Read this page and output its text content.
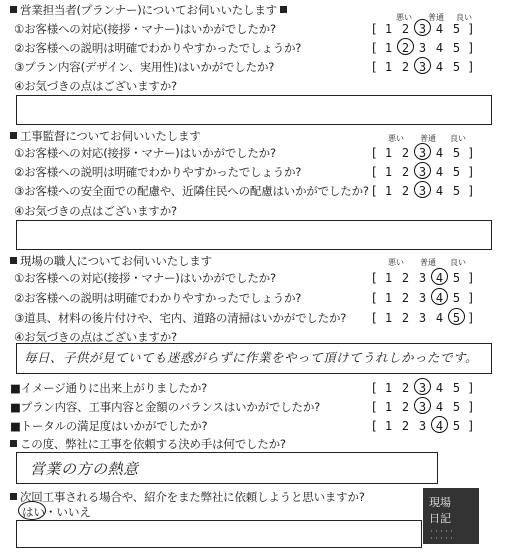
営業担当者(プランナー)についてお伺いいたします
悪い 普通 良い
①お客様への対応(接拶・マナー)はいかがでしたか?	[ 1 2 3 4 5 ]
②お客様への説明は明確でわかりやすかったでしょうか?	[ 1 2 3 4 5 ]
③プラン内容(デザイン、実用性)はいかがでしたか?	[ 1 2 3 4 5 ]
④お気づきの点はございますか?
工事監督についてお伺いいたします	悪い 普通 良い
①お客様への対応(接拶・マナー)はいかがでしたか?	[ 1 2 3 4 5 ]
②お客様への説明は明確でわかりやすかったでしょうか?	[ 1 2 3 4 5 ]
③お客様への安全面での配慮や、近隣住民への配慮はいかがでしたか? [ 1 2 3 4 5 ]
④お気づきの点はございますか?
現場の職人についてお伺いいたします	悪い 普通 良い
①お客様への対応(接拶・マナー)はいかがでしたか?	[ 1 2 3 4 5 ]
②お客様への説明は明確でわかりやすかったでしょうか?	[ 1 2 3 4 5 ]
③道具、材料の後片付けや、宅内、道路の清掃はいかがでしたか? [ 1 2 3 4 5 ]
④お気づきの点はございますか?
毎日、子供が見ていても迷惑がらずに作業をやって頂けてうれしかったです。
■イメージ通りに出来上がりましたか?	[ 1 2 3 4 5 ]
■プラン内容、工事内容と金額のバランスはいかがでしたか?	[ 1 2 3 4 5 ]
■トータルの満足度はいかがでしたか?	[ 1 2 3 4 5 ]
この度、弊社に工事を依頼する決め手は何でしたか?
営業の方の熱意
次回工事される場合や、紹介をまた弊社に依頼しようと思いますか?
はい・いいえ
現場
日記
・・・・・ ・・・・・
